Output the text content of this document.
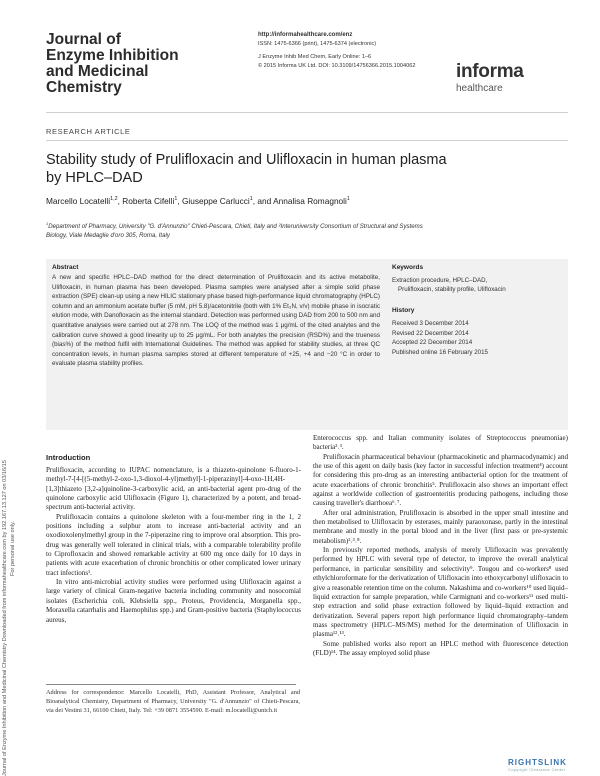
Journal of Enzyme Inhibition and Medicinal Chemistry Downloaded from informahealthcare.com by 192.167.13.127 on 03/16/15 For personal use only.
Journal of
Enzyme Inhibition
and Medicinal
Chemistry
http://informahealthcare.com/enz
ISSN: 1475-6366 (print), 1475-6374 (electronic)
J Enzyme Inhib Med Chem, Early Online: 1–6
© 2015 Informa UK Ltd. DOI: 10.3109/14756366.2015.1004062	informa
healthcare
RESEARCH ARTICLE
Stability study of Prulifloxacin and Ulifloxacin in human plasma
by HPLC–DAD
Marcello Locatelli$^{1,2}$, Roberta Cifelli$^1$, Giuseppe Carlucci$^1$, and Annalisa Romagnoli$^1$
$^1$Department of Pharmacy, University "G. d'Annunzio" Chieti-Pescara, Chieti, Italy and ²Interuniversity Consortium of Structural and Systems
Biology, Viale Medaglie d'oro 305, Roma, Italy
Abstract
A new and specific HPLC–DAD method for the direct determination of Prulifloxacin and its active metabolite, Ulifloxacin, in human plasma has been developed. Plasma samples were analysed after a simple solid phase extraction (SPE) clean-up using a new HILIC stationary phase based high-performance liquid chromatography (HPLC) column and an ammonium acetate buffer (5 mM, pH 5.8)/acetonitrile (both with 1% Et₃N, v/v) mobile phase in isocratic elution mode, with Danofloxacin as the internal standard. Detection was performed using DAD from 200 to 500 nm and quantitative analyses were carried out at 278 nm. The LOQ of the method was 1 μg/mL of the cited analytes and the calibration curve showed a good linearity up to 25 μg/mL. For both analytes the precision (RSD%) and the trueness (bias%) of the method fulfil with International Guidelines. The method was applied for stability studies, at three QC concentration levels, in human plasma samples stored at different temperature of +25, +4 and −20 °C in order to evaluate plasma stability profiles.
Keywords
Extraction procedure, HPLC–DAD,
Prulifloxacin, stability profile, Ulifloxacin
History
Received 3 December 2014
Revised 22 December 2014
Accepted 22 December 2014
Published online 16 February 2015
Introduction

Prulifloxacin, according to IUPAC nomenclature, is a thiazeto-quinolone 6-fluoro-1-methyl-7-[4-[(5-methyl-2-oxo-1,3-dioxol-4-yl)methyl]-1-piperazinyl]-4-oxo-1H,4H-[1,3]thiazeto [3,2-a]quinoline-3-carboxylic acid, an anti-bacterial agent pro-drug of the quinolone carboxylic acid Ulifloxacin (Figure 1), characterized by a potent, and broad-spectrum anti-bacterial activity.

Prulifloxacin contains a quinolone skeleton with a four-member ring in the 1, 2 positions including a sulphur atom to increase anti-bacterial activity and an oxodioxolenylmethyl group in the 7-piperazine ring to improve oral absorption. This pro-drug was generally well tolerated in clinical trials, with a comparable tolerability profile to Ciprofloxacin and showed remarkable activity at 600 mg once daily for 10 days in patients with acute exacerbation of chronic bronchitis or other complicated lower urinary tract infections¹.

In vitro anti-microbial activity studies were performed using Ulifloxacin against a large variety of clinical Gram-negative bacteria including community and nosocomial isolates (Escherichia coli, Klebsiella spp., Proteus, Providencia, Morganella spp., Moraxella catarrhalis and Haemophilus spp.) and Gram-positive bacteria (Staphylococcus aureus,

Enterococcus spp. and Italian community isolates of Streptococcus pneumoniae) bacteria²˒³.

Prulifloxacin pharmaceutical behaviour (pharmacokinetic and pharmacodynamic) and the use of this agent on daily basis (key factor in successful infection treatment⁴) account for considering this pro-drug as an interesting antibacterial option for the treatment of acute exacerbations of chronic bronchitis⁵. Prulifloxacin also shows an important effect against a worldwide collection of gastroenteritis producing pathogens, including those causing traveller's diarrhoea⁶˒⁷.

After oral administration, Prulifloxacin is absorbed in the upper small intestine and then metabolised to Ulifloxacin by esterases, mainly paraoxonase, partly in the intestinal membrane and mostly in the portal blood and in the liver (first pass or pre-systemic metabolism)²˒³˒⁸.

In previously reported methods, analysis of merely Ulifloxacin was prevalently performed by HPLC with several type of detector, to improve the overall analytical performance, in particular sensibility and selectivity⁹. Tougou and co-workers⁸ used ethylchloroformate for the derivatization of Ulifloxacin into ethoxycarbonyl ulifloxacin to give a reasonable retention time on the column. Nakashima and co-workers¹⁰ used liquid–liquid extraction for sample preparation, while Carmignani and co-workers¹¹ used multi-step extraction and solid phase extraction followed by liquid–liquid extraction and derivatization. Several papers report high performance liquid chromatography–tandem mass spectrometry (HPLC–MS/MS) method for the determination of Ulifloxacin in plasma¹²˒¹³.

Some published works also report an HPLC method with fluorescence detection (FLD)¹⁴. The assay employed solid phase

Address for correspondence: Marcello Locatelli, PhD, Assistant Professor, Analytical and Bioanalytical Chemistry, Department of Pharmacy, University "G. d'Annunzio" of Chieti-Pescara, via dei Vestini 31, 66100 Chieti, Italy. Tel: +39 0871 3554590. E-mail: m.locatelli@unich.it
RIGHTSLINK
Copyright Clearance Center
